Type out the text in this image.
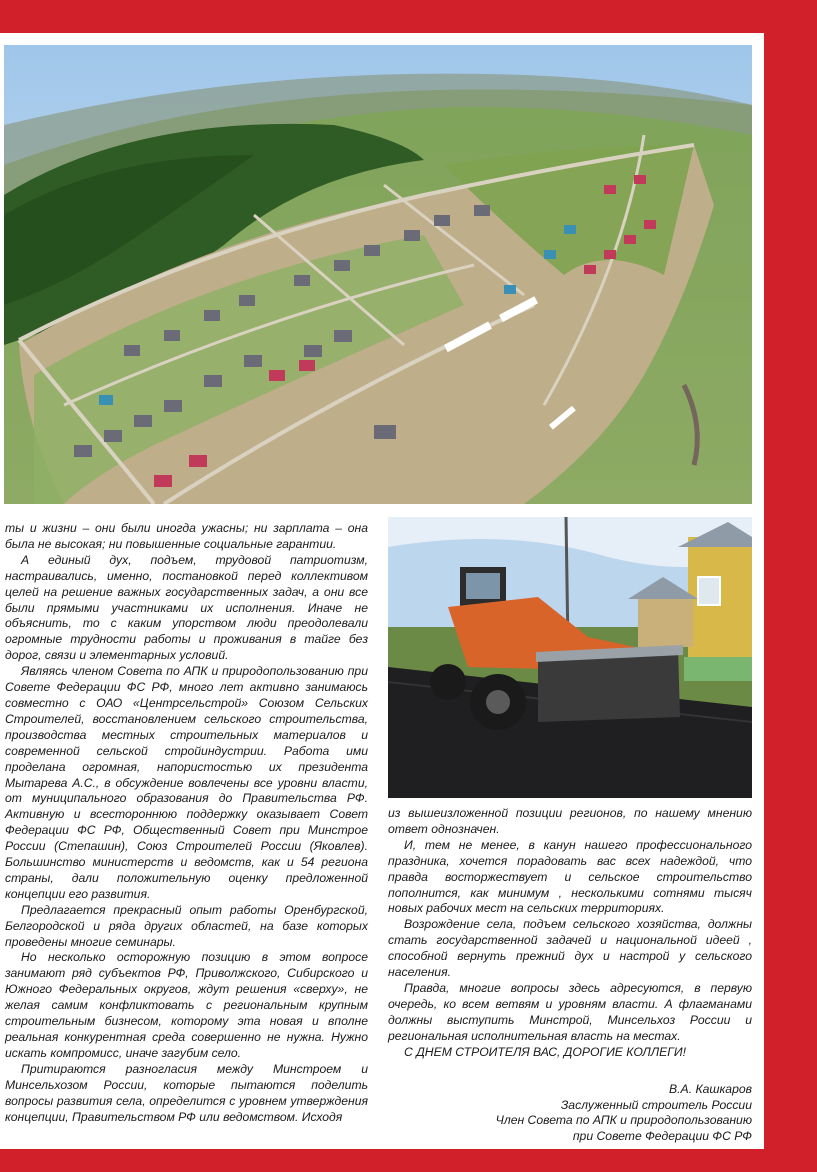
ты и жизни – они были иногда ужасны; ни зарплата – она была не высокая; ни повышенные социальные гарантии.

А единый дух, подъем, трудовой патриотизм, настраивались, именно, постановкой перед коллективом целей на решение важных государственных задач, а они все были прямыми участниками их исполнения. Иначе не объяснить, то с каким упорством люди преодолевали огромные трудности работы и проживания в тайге без дорог, связи и элементарных условий.

Являясь членом Совета по АПК и природопользованию при Совете Федерации ФС РФ, много лет активно занимаюсь совместно с ОАО «Центрсельстрой» Союзом Сельских Строителей, восстановлением сельского строительства, производства местных строительных материалов и современной сельской стройиндустрии. Работа ими проделана огромная, напористостью их президента Мытарева А.С., в обсуждение вовлечены все уровни власти, от муниципального образования до Правительства РФ. Активную и всестороннюю поддержку оказывает Совет Федерации ФС РФ, Общественный Совет при Минстрое России (Степашин), Союз Строителей России (Яковлев). Большинство министерств и ведомств, как и 54 региона страны, дали положительную оценку предложенной концепции его развития.

Предлагается прекрасный опыт работы Оренбургской, Белгородской и ряда других областей, на базе которых проведены многие семинары.

Но несколько осторожную позицию в этом вопросе занимают ряд субъектов РФ, Приволжского, Сибирского и Южного Федеральных округов, ждут решения «сверху», не желая самим конфликтовать с региональным крупным строительным бизнесом, которому эта новая и вполне реальная конкурентная среда совершенно не нужна. Нужно искать компромисс, иначе загубим село.

Притираются разногласия между Минстроем и Минсельхозом России, которые пытаются поделить вопросы развития села, определится с уровнем утверждения концепции, Правительством РФ или ведомством. Исходя

из вышеизложенной позиции регионов, по нашему мнению ответ однозначен.

И, тем не менее, в канун нашего профессионального праздника, хочется порадовать вас всех надеждой, что правда восторжествует и сельское строительство пополнится, как минимум , несколькими сотнями тысяч новых рабочих мест на сельских территориях.

Возрождение села, подъем сельского хозяйства, должны стать государственной задачей и национальной идеей , способной вернуть прежний дух и настрой у сельского населения.

Правда, многие вопросы здесь адресуются, в первую очередь, ко всем ветвям и уровням власти. А флагманами должны выступить Минстрой, Минсельхоз России и региональная исполнительная власть на местах.

С ДНЕМ СТРОИТЕЛЯ ВАС, ДОРОГИЕ КОЛЛЕГИ!

В.А. Кашкаров
Заслуженный строитель России
Член Совета по АПК и природопользованию
при Совете Федерации ФС РФ
